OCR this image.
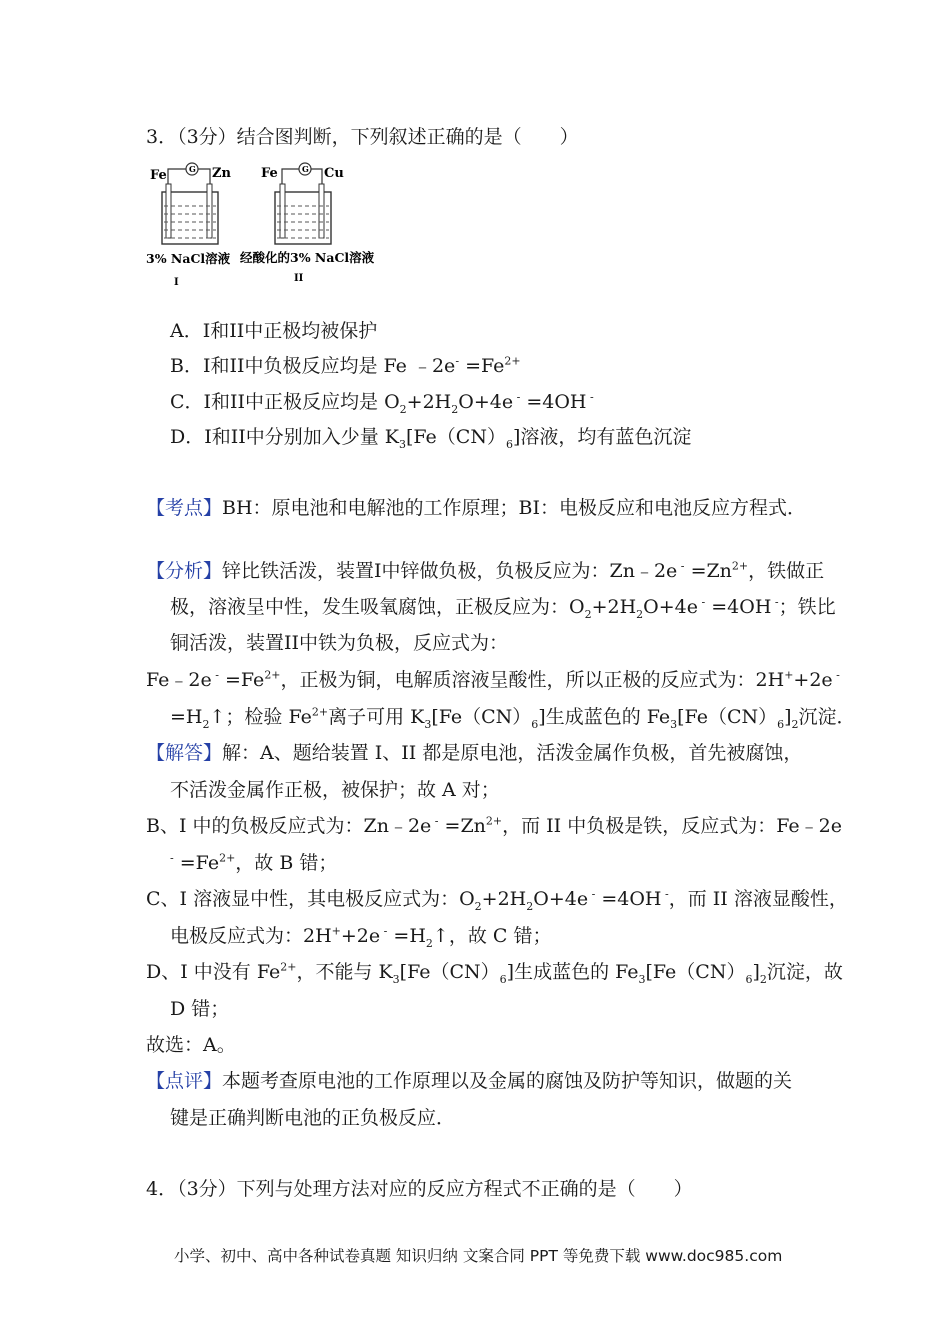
3．（3分）结合图判断，下列叙述正确的是（　　）
Fe	Zn
G
3% NaCl溶液
I
Fe	Cu
G
经酸化的3% NaCl溶液
II
A．I和II中正极均被保护
B．I和II中负极反应均是 Fe ﹣2e- $=Fe^{2+}$
C．I和II中正极反应均是 $O_2+2H_2O+4e$ - =4OH -
D．I和II中分别加入少量 $K_3[Fe(CN)_6]$溶液，均有蓝色沉淀
【考点】BH：原电池和电解池的工作原理；BI：电极反应和电池反应方程式．
【分析】锌比铁活泼，装置I中锌做负极，负极反应为：Zn﹣2e $^- =Zn^{2+}$，铁做正
极，溶液呈中性，发生吸氧腐蚀，正极反应为：$O_2+2H_2O+4e$ - =4OH -；铁比
铜活泼，装置II中铁为负极，反应式为：
Fe﹣2e $^- =Fe^{2+}$，正极为铜，电解质溶液呈酸性，所以正极的反应式为：2H++2e -
$=H_2↑$；检验 $Fe^{2+}$离子可用 $K_3[Fe(CN)_6]$生成蓝色的 $Fe_3[Fe(CN)_6]_2$沉淀．
【解答】解：A、题给装置 I、II 都是原电池，活泼金属作负极，首先被腐蚀，
不活泼金属作正极，被保护；故 A 对；
B、I 中的负极反应式为：Zn﹣2e $^- =Zn^{2+}$，而 II 中负极是铁，反应式为：Fe﹣2e
$^- =Fe^{2+}$，故 B 错；
C、I 溶液显中性，其电极反应式为：$O_2+2H_2O+4e$ - =4OH -，而 II 溶液显酸性，
电极反应式为：2H++2e $^- =H_2↑$，故 C 错；
D、I 中没有 $Fe^{2+}$，不能与 $K_3[Fe(CN)_6]$生成蓝色的 $Fe_3[Fe(CN)_6]_2$沉淀，故
D 错；
故选：A。
【点评】本题考查原电池的工作原理以及金属的腐蚀及防护等知识，做题的关
键是正确判断电池的正负极反应．
4．（3分）下列与处理方法对应的反应方程式不正确的是（　　）
小学、初中、高中各种试卷真题 知识归纳 文案合同 PPT 等免费下载 www.doc985.com
